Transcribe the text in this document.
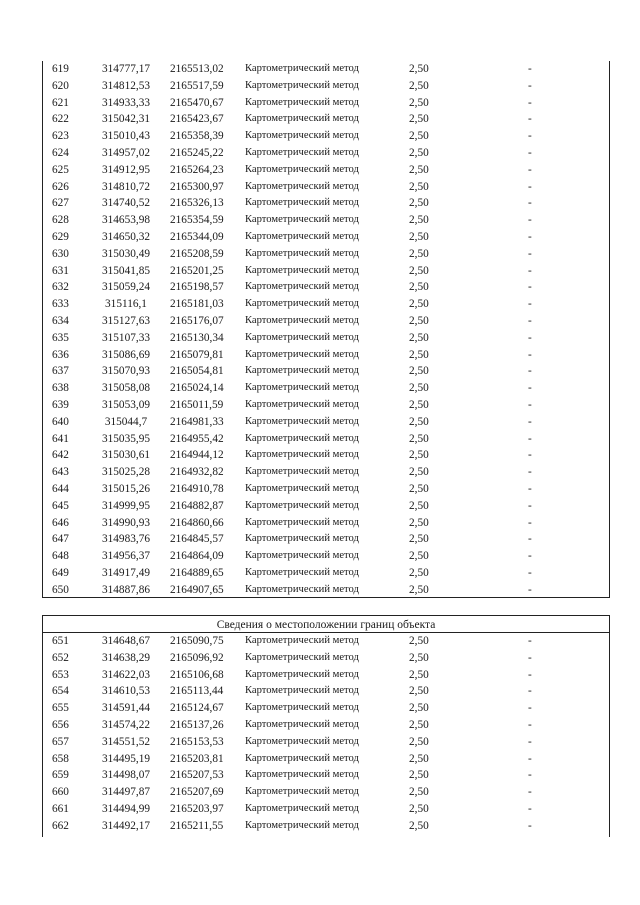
619	314777,17	2165513,02 Картометрический метод	2,50	-
620	314812,53	2165517,59 Картометрический метод	2,50	-
621	314933,33	2165470,67 Картометрический метод	2,50	-
622	315042,31	2165423,67 Картометрический метод	2,50	-
623	315010,43	2165358,39 Картометрический метод	2,50	-
624	314957,02	2165245,22 Картометрический метод	2,50	-
625	314912,95	2165264,23 Картометрический метод	2,50	-
626	314810,72	2165300,97 Картометрический метод	2,50	-
627	314740,52	2165326,13 Картометрический метод	2,50	-
628	314653,98	2165354,59 Картометрический метод	2,50	-
629	314650,32	2165344,09 Картометрический метод	2,50	-
630	315030,49	2165208,59 Картометрический метод	2,50	-
631	315041,85	2165201,25 Картометрический метод	2,50	-
632	315059,24	2165198,57 Картометрический метод	2,50	-
633	315116,1	2165181,03 Картометрический метод	2,50	-
634	315127,63	2165176,07 Картометрический метод	2,50	-
635	315107,33	2165130,34 Картометрический метод	2,50	-
636	315086,69	2165079,81 Картометрический метод	2,50	-
637	315070,93	2165054,81 Картометрический метод	2,50	-
638	315058,08	2165024,14 Картометрический метод	2,50	-
639	315053,09	2165011,59 Картометрический метод	2,50	-
640	315044,7	2164981,33 Картометрический метод	2,50	-
641	315035,95	2164955,42 Картометрический метод	2,50	-
642	315030,61	2164944,12 Картометрический метод	2,50	-
643	315025,28	2164932,82 Картометрический метод	2,50	-
644	315015,26	2164910,78 Картометрический метод	2,50	-
645	314999,95	2164882,87 Картометрический метод	2,50	-
646	314990,93	2164860,66 Картометрический метод	2,50	-
647	314983,76	2164845,57 Картометрический метод	2,50	-
648	314956,37	2164864,09 Картометрический метод	2,50	-
649	314917,49	2164889,65 Картометрический метод	2,50	-
650	314887,86	2164907,65 Картометрический метод	2,50	-
Сведения о местоположении границ объекта
651	314648,67	2165090,75 Картометрический метод	2,50	-
652	314638,29	2165096,92 Картометрический метод	2,50	-
653	314622,03	2165106,68 Картометрический метод	2,50	-
654	314610,53	2165113,44 Картометрический метод	2,50	-
655	314591,44	2165124,67 Картометрический метод	2,50	-
656	314574,22	2165137,26 Картометрический метод	2,50	-
657	314551,52	2165153,53 Картометрический метод	2,50	-
658	314495,19	2165203,81 Картометрический метод	2,50	-
659	314498,07	2165207,53 Картометрический метод	2,50	-
660	314497,87	2165207,69 Картометрический метод	2,50	-
661	314494,99	2165203,97 Картометрический метод	2,50	-
662	314492,17	2165211,55 Картометрический метод	2,50	-
